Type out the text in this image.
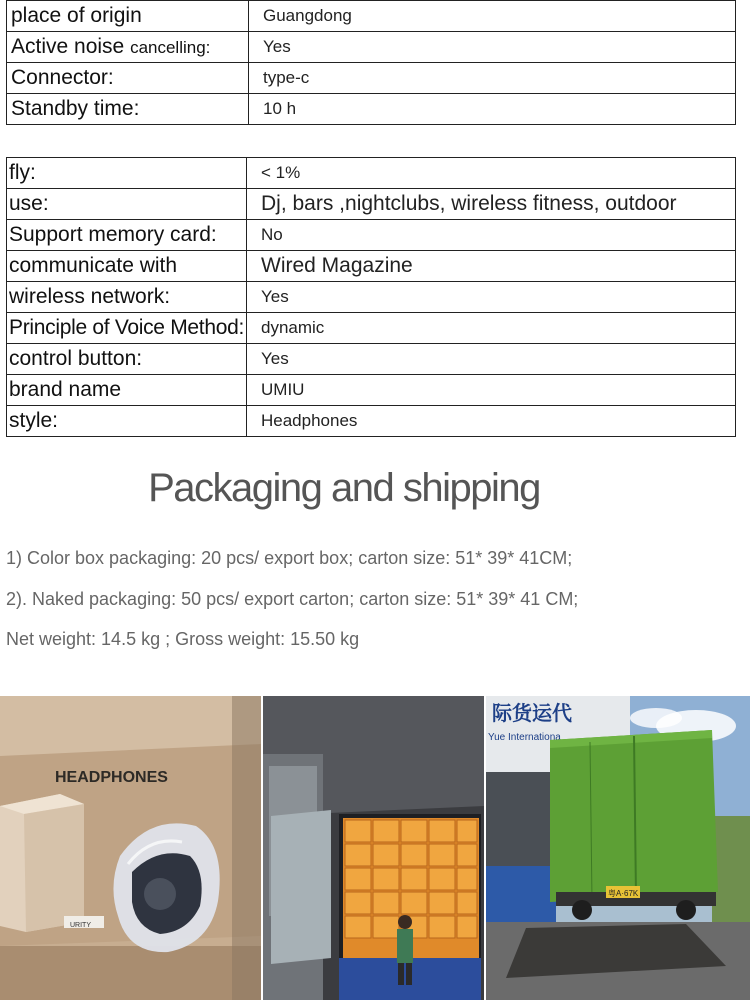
place of origin	Guangdong
Active noise cancelling:	Yes
Connector:	type-c
Standby time:	10 h
fly:	< 1%
use:	Dj, bars ,nightclubs, wireless fitness, outdoor
Support memory card:	No
communicate with	Wired Magazine
wireless network:	Yes
Principle of Voice Method:	dynamic
control button:	Yes
brand name	UMIU
style:	Headphones
Packaging and shipping

1) Color box packaging: 20 pcs/ export box; carton size: 51* 39* 41CM;

2). Naked packaging: 50 pcs/ export carton; carton size: 51* 39* 41 CM;

Net weight: 14.5 kg ; Gross weight: 15.50 kg

HEADPHONES
URITY
际货运代
Yue Internationa
粤A·67K
